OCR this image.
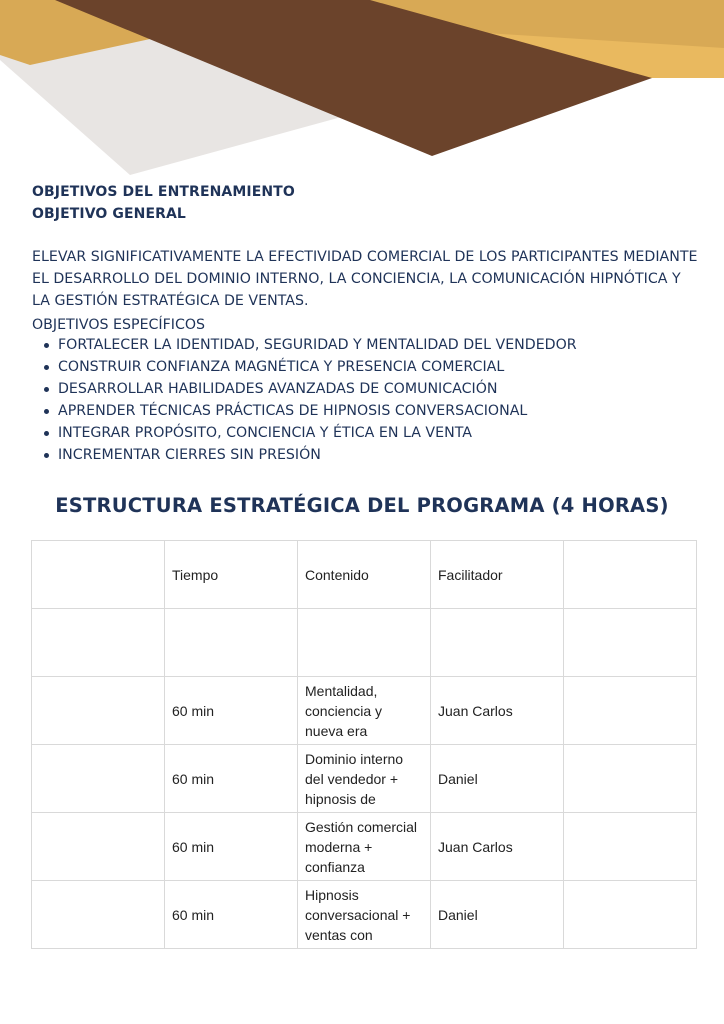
OBJETIVOS DEL ENTRENAMIENTO
OBJETIVO GENERAL

ELEVAR SIGNIFICATIVAMENTE LA EFECTIVIDAD COMERCIAL DE LOS PARTICIPANTES MEDIANTE EL DESARROLLO DEL DOMINIO INTERNO, LA CONCIENCIA, LA COMUNICACIÓN HIPNÓTICA Y LA GESTIÓN ESTRATÉGICA DE VENTAS.

OBJETIVOS ESPECÍFICOS
FORTALECER LA IDENTIDAD, SEGURIDAD Y MENTALIDAD DEL VENDEDOR
CONSTRUIR CONFIANZA MAGNÉTICA Y PRESENCIA COMERCIAL
DESARROLLAR HABILIDADES AVANZADAS DE COMUNICACIÓN
APRENDER TÉCNICAS PRÁCTICAS DE HIPNOSIS CONVERSACIONAL
INTEGRAR PROPÓSITO, CONCIENCIA Y ÉTICA EN LA VENTA
INCREMENTAR CIERRES SIN PRESIÓN
ESTRUCTURA ESTRATÉGICA DEL PROGRAMA (4 HORAS)
	Tiempo	Contenido	Facilitador	

	60 min	Mentalidad, conciencia y nueva era	Juan Carlos	
	60 min	Dominio interno del vendedor + hipnosis de	Daniel	
	60 min	Gestión comercial moderna + confianza	Juan Carlos	
	60 min	Hipnosis conversacional + ventas con	Daniel	
